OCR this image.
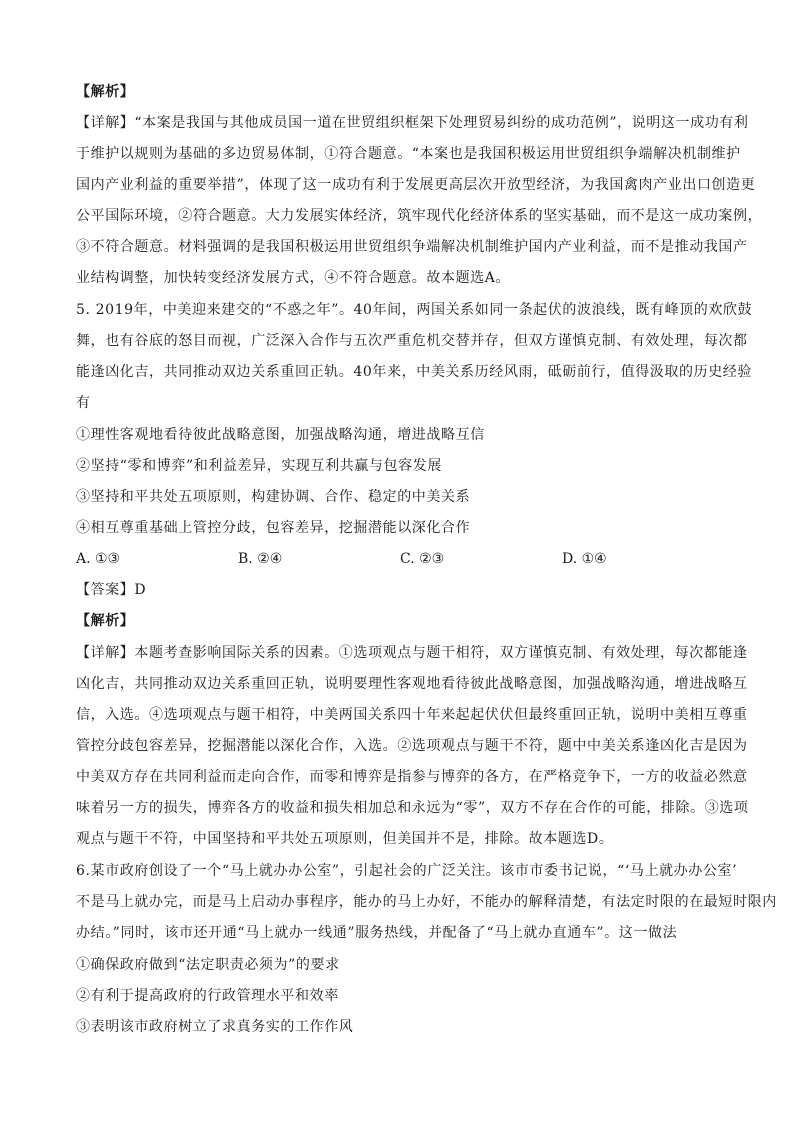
【解析】
【详解】“本案是我国与其他成员国一道在世贸组织框架下处理贸易纠纷的成功范例”，说明这一成功有利
于维护以规则为基础的多边贸易体制，①符合题意。“本案也是我国积极运用世贸组织争端解决机制维护
国内产业利益的重要举措”，体现了这一成功有利于发展更高层次开放型经济，为我国禽肉产业出口创造更
公平国际环境，②符合题意。大力发展实体经济，筑牢现代化经济体系的坚实基础，而不是这一成功案例，
③不符合题意。材料强调的是我国积极运用世贸组织争端解决机制维护国内产业利益，而不是推动我国产
业结构调整，加快转变经济发展方式，④不符合题意。故本题选A。
5. 2019年，中美迎来建交的“不惑之年”。40年间，两国关系如同一条起伏的波浪线，既有峰顶的欢欣鼓
舞，也有谷底的怒目而视，广泛深入合作与五次严重危机交替并存，但双方谨慎克制、有效处理，每次都
能逢凶化吉，共同推动双边关系重回正轨。40年来，中美关系历经风雨，砥砺前行，值得汲取的历史经验
有
①理性客观地看待彼此战略意图，加强战略沟通，增进战略互信
②坚持“零和博弈”和利益差异，实现互利共赢与包容发展
③坚持和平共处五项原则，构建协调、合作、稳定的中美关系
④相互尊重基础上管控分歧，包容差异，挖掘潜能以深化合作
A. ①③	B. ②④	C. ②③	D. ①④
【答案】D
【解析】
【详解】本题考查影响国际关系的因素。①选项观点与题干相符，双方谨慎克制、有效处理，每次都能逢
凶化吉，共同推动双边关系重回正轨，说明要理性客观地看待彼此战略意图，加强战略沟通，增进战略互
信，入选。④选项观点与题干相符，中美两国关系四十年来起起伏伏但最终重回正轨，说明中美相互尊重
管控分歧包容差异，挖掘潜能以深化合作，入选。②选项观点与题干不符，题中中美关系逢凶化吉是因为
中美双方存在共同利益而走向合作，而零和博弈是指参与博弈的各方，在严格竞争下，一方的收益必然意
味着另一方的损失，博弈各方的收益和损失相加总和永远为“零”，双方不存在合作的可能，排除。③选项
观点与题干不符，中国坚持和平共处五项原则，但美国并不是，排除。故本题选D。
6.某市政府创设了一个“马上就办办公室”，引起社会的广泛关注。该市市委书记说，“‘马上就办办公室’
不是马上就办完，而是马上启动办事程序，能办的马上办好，不能办的解释清楚，有法定时限的在最短时限内
办结。”同时，该市还开通“马上就办一线通”服务热线，并配备了“马上就办直通车”。这一做法
①确保政府做到“法定职责必须为”的要求
②有利于提高政府的行政管理水平和效率
③表明该市政府树立了求真务实的工作作风
